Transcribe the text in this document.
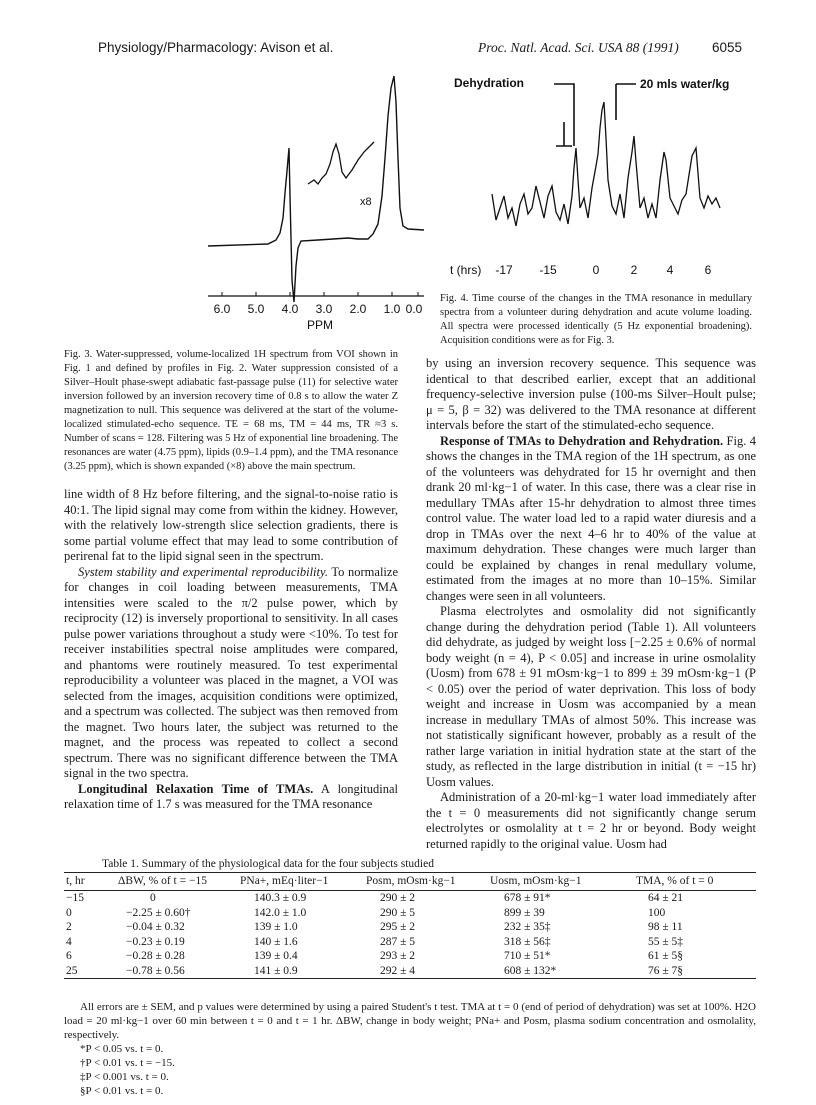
Physiology/Pharmacology: Avison et al.	Proc. Natl. Acad. Sci. USA 88 (1991) 6055
x8
6.0 5.0 4.0 3.0 2.0 1.0 0.0
PPM
Dehydration	20 mls water/kg
t (hrs) -17 -15	0	2 4	6
Fig. 3. Water-suppressed, volume-localized 1H spectrum from VOI shown in Fig. 1 and defined by profiles in Fig. 2. Water suppression consisted of a Silver–Hoult phase-swept adiabatic fast-passage pulse (11) for selective water inversion followed by an inversion recovery time of 0.8 s to allow the water Z magnetization to null. This sequence was delivered at the start of the volume-localized stimulated-echo sequence. TE = 68 ms, TM = 44 ms, TR ≈3 s. Number of scans = 128. Filtering was 5 Hz of exponential line broadening. The resonances are water (4.75 ppm), lipids (0.9–1.4 ppm), and the TMA resonance (3.25 ppm), which is shown expanded (×8) above the main spectrum.
Fig. 4. Time course of the changes in the TMA resonance in medullary spectra from a volunteer during dehydration and acute volume loading. All spectra were processed identically (5 Hz exponential broadening). Acquisition conditions were as for Fig. 3.

line width of 8 Hz before filtering, and the signal-to-noise ratio is 40:1. The lipid signal may come from within the kidney. However, with the relatively low-strength slice selection gradients, there is some partial volume effect that may lead to some contribution of perirenal fat to the lipid signal seen in the spectrum.

System stability and experimental reproducibility. To normalize for changes in coil loading between measurements, TMA intensities were scaled to the π/2 pulse power, which by reciprocity (12) is inversely proportional to sensitivity. In all cases pulse power variations throughout a study were <10%. To test for receiver instabilities spectral noise amplitudes were compared, and phantoms were routinely measured. To test experimental reproducibility a volunteer was placed in the magnet, a VOI was selected from the images, acquisition conditions were optimized, and a spectrum was collected. The subject was then removed from the magnet. Two hours later, the subject was returned to the magnet, and the process was repeated to collect a second spectrum. There was no significant difference between the TMA signal in the two spectra.

Longitudinal Relaxation Time of TMAs. A longitudinal relaxation time of 1.7 s was measured for the TMA resonance

by using an inversion recovery sequence. This sequence was identical to that described earlier, except that an additional frequency-selective inversion pulse (100-ms Silver–Hoult pulse; μ = 5, β = 32) was delivered to the TMA resonance at different intervals before the start of the stimulated-echo sequence.

Response of TMAs to Dehydration and Rehydration. Fig. 4 shows the changes in the TMA region of the 1H spectrum, as one of the volunteers was dehydrated for 15 hr overnight and then drank 20 ml·kg−1 of water. In this case, there was a clear rise in medullary TMAs after 15-hr dehydration to almost three times control value. The water load led to a rapid water diuresis and a drop in TMAs over the next 4–6 hr to 40% of the value at maximum dehydration. These changes were much larger than could be explained by changes in renal medullary volume, estimated from the images at no more than 10–15%. Similar changes were seen in all volunteers.

Plasma electrolytes and osmolality did not significantly change during the dehydration period (Table 1). All volunteers did dehydrate, as judged by weight loss [−2.25 ± 0.6% of normal body weight (n = 4), P < 0.05] and increase in urine osmolality (Uosm) from 678 ± 91 mOsm·kg−1 to 899 ± 39 mOsm·kg−1 (P < 0.05) over the period of water deprivation. This loss of body weight and increase in Uosm was accompanied by a mean increase in medullary TMAs of almost 50%. This increase was not statistically significant however, probably as a result of the rather large variation in initial hydration state at the start of the study, as reflected in the large distribution in initial (t = −15 hr) Uosm values.

Administration of a 20-ml·kg−1 water load immediately after the t = 0 measurements did not significantly change serum electrolytes or osmolality at t = 2 hr or beyond. Body weight returned rapidly to the original value. Uosm had

Table 1. Summary of the physiological data for the four subjects studied
t, hr	ΔBW, % of t = −15	PNa+, mEq·liter−1	Posm, mOsm·kg−1	Uosm, mOsm·kg−1	TMA, % of t = 0
−15	0	140.3 ± 0.9	290 ± 2	678 ± 91*	64 ± 21
0	−2.25 ± 0.60†	142.0 ± 1.0	290 ± 5	899 ± 39	100
2	−0.04 ± 0.32	139 ± 1.0	295 ± 2	232 ± 35‡	98 ± 11
4	−0.23 ± 0.19	140 ± 1.6	287 ± 5	318 ± 56‡	55 ± 5‡
6	−0.28 ± 0.28	139 ± 0.4	293 ± 2	710 ± 51*	61 ± 5§
25	−0.78 ± 0.56	141 ± 0.9	292 ± 4	608 ± 132*	76 ± 7§
All errors are ± SEM, and p values were determined by using a paired Student's t test. TMA at t = 0 (end of period of dehydration) was set at 100%. H2O load = 20 ml·kg−1 over 60 min between t = 0 and t = 1 hr. ΔBW, change in body weight; PNa+ and Posm, plasma sodium concentration and osmolality, respectively.
*P < 0.05 vs. t = 0.
†P < 0.01 vs. t = −15.
‡P < 0.001 vs. t = 0.
§P < 0.01 vs. t = 0.
